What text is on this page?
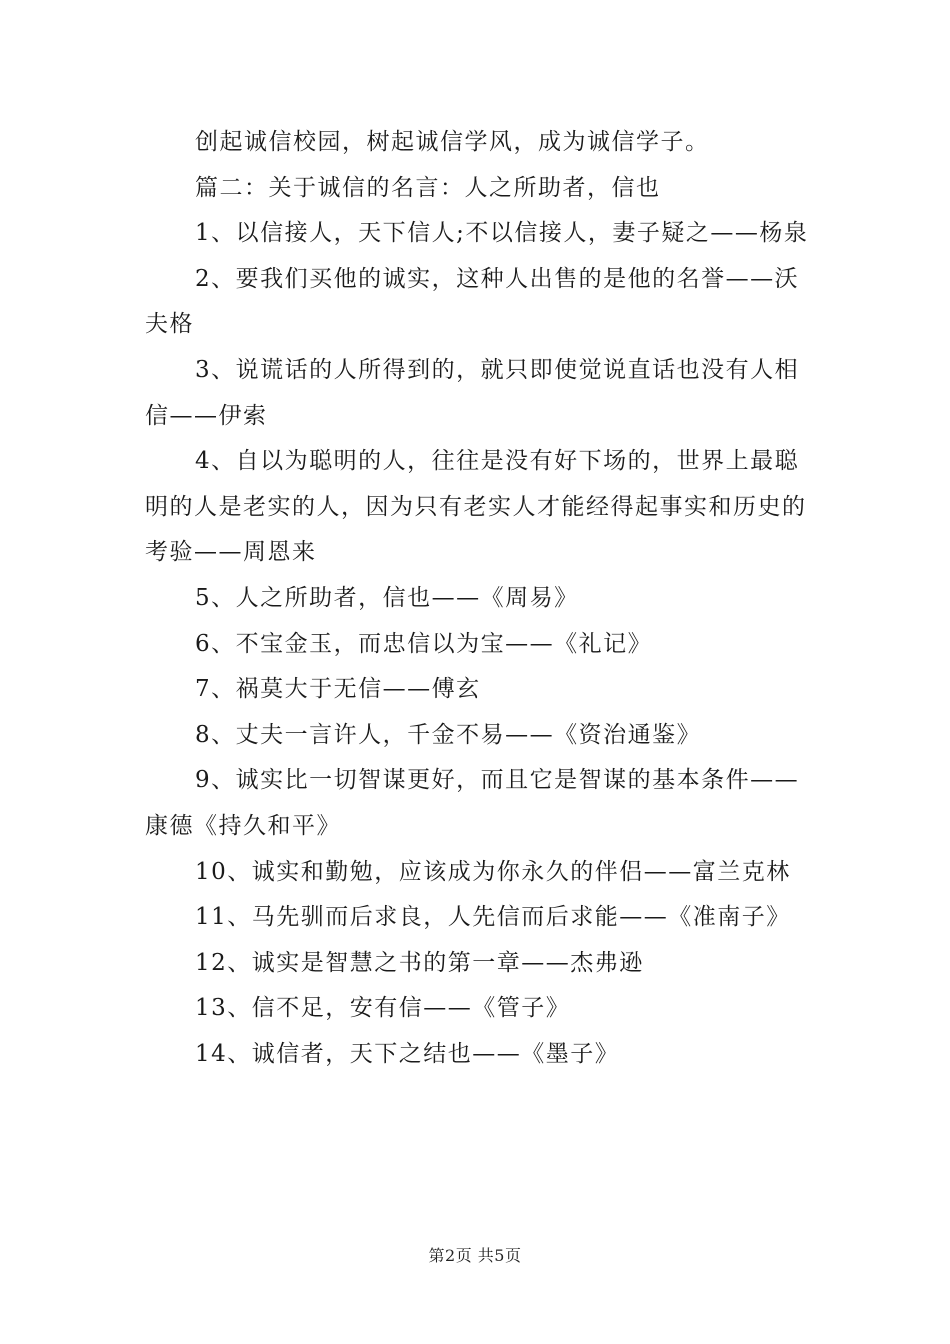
创起诚信校园，树起诚信学风，成为诚信学子。

篇二：关于诚信的名言：人之所助者，信也

1、以信接人，天下信人;不以信接人，妻子疑之——杨泉

2、要我们买他的诚实，这种人出售的是他的名誉——沃夫格

3、说谎话的人所得到的，就只即使觉说直话也没有人相信——伊索

4、自以为聪明的人，往往是没有好下场的，世界上最聪明的人是老实的人，因为只有老实人才能经得起事实和历史的考验——周恩来

5、人之所助者，信也——《周易》

6、不宝金玉，而忠信以为宝——《礼记》

7、祸莫大于无信——傅玄

8、丈夫一言许人，千金不易——《资治通鉴》

9、诚实比一切智谋更好，而且它是智谋的基本条件——康德《持久和平》

10、诚实和勤勉，应该成为你永久的伴侣——富兰克林

11、马先驯而后求良，人先信而后求能——《准南子》

12、诚实是智慧之书的第一章——杰弗逊

13、信不足，安有信——《管子》

14、诚信者，天下之结也——《墨子》

第2页 共5页
